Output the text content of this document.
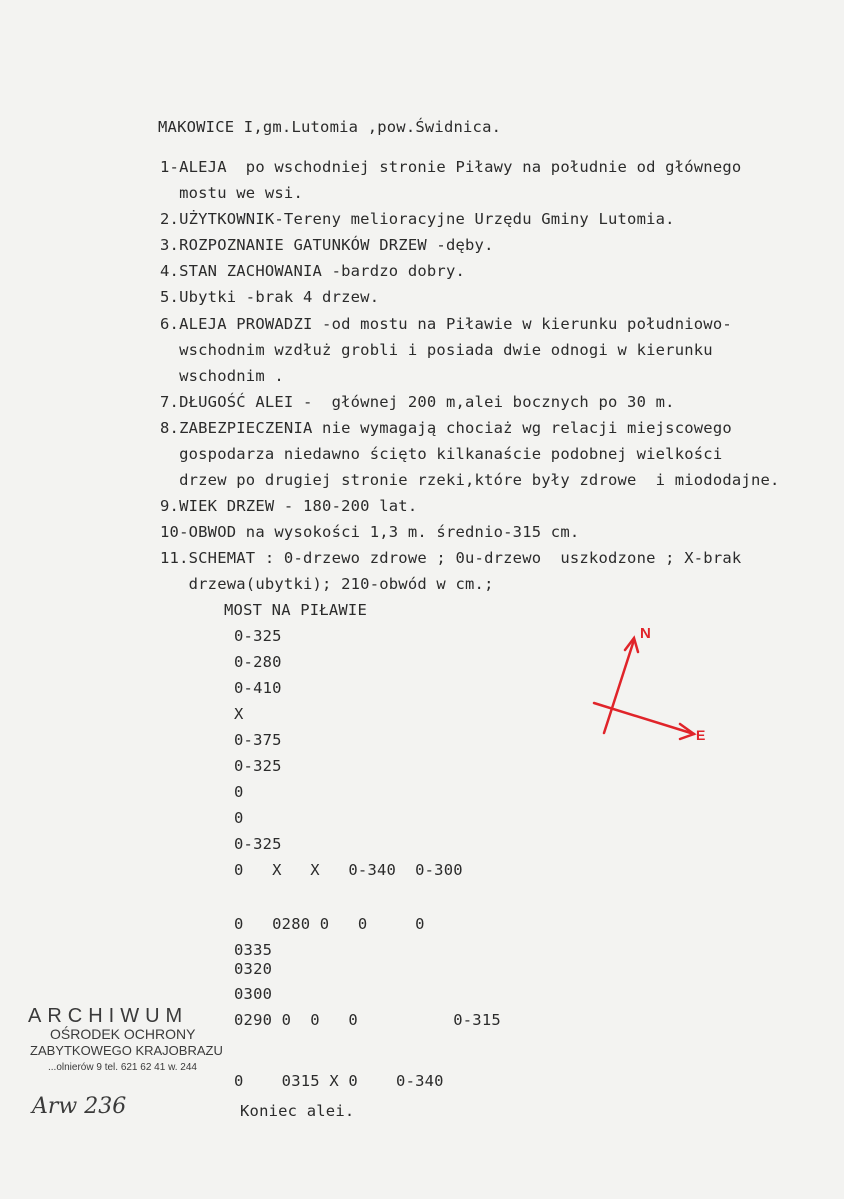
MAKOWICE I,gm.Lutomia ,pow.Świdnica.
1-ALEJA  po wschodniej stronie Piławy na południe od głównego
mostu we wsi.
2.UŻYTKOWNIK-Tereny melioracyjne Urzędu Gminy Lutomia.
3.ROZPOZNANIE GATUNKÓW DRZEW -dęby.
4.STAN ZACHOWANIA -bardzo dobry.
5.Ubytki -brak 4 drzew.
6.ALEJA PROWADZI -od mostu na Piławie w kierunku południowo-
wschodnim wzdłuż grobli i posiada dwie odnogi w kierunku
wschodnim .
7.DŁUGOŚĆ ALEI -  głównej 200 m,alei bocznych po 30 m.
8.ZABEZPIECZENIA nie wymagają chociaż wg relacji miejscowego
gospodarza niedawno ścięto kilkanaście podobnej wielkości
drzew po drugiej stronie rzeki,które były zdrowe  i miododajne.
9.WIEK DRZEW - 180-200 lat.
10-OBWOD na wysokości 1,3 m. średnio-315 cm.
11.SCHEMAT : 0-drzewo zdrowe ; 0u-drzewo  uszkodzone ; X-brak
drzewa(ubytki); 210-obwód w cm.;
MOST NA PIŁAWIE
0-325
0-280
0-410
X
0-375
0-325
0
0
0-325
0   X   X   0-340  0-300
0   0280 0   0     0
0335
0320
0300
0290 0  0   0          0-315
0    0315 X 0    0-340
Koniec alei.
N
E
ARCHIWUM
OŚRODEK OCHRONY
ZABYTKOWEGO KRAJOBRAZU
...olnierów 9 tel. 621 62 41 w. 244
Arw 236
